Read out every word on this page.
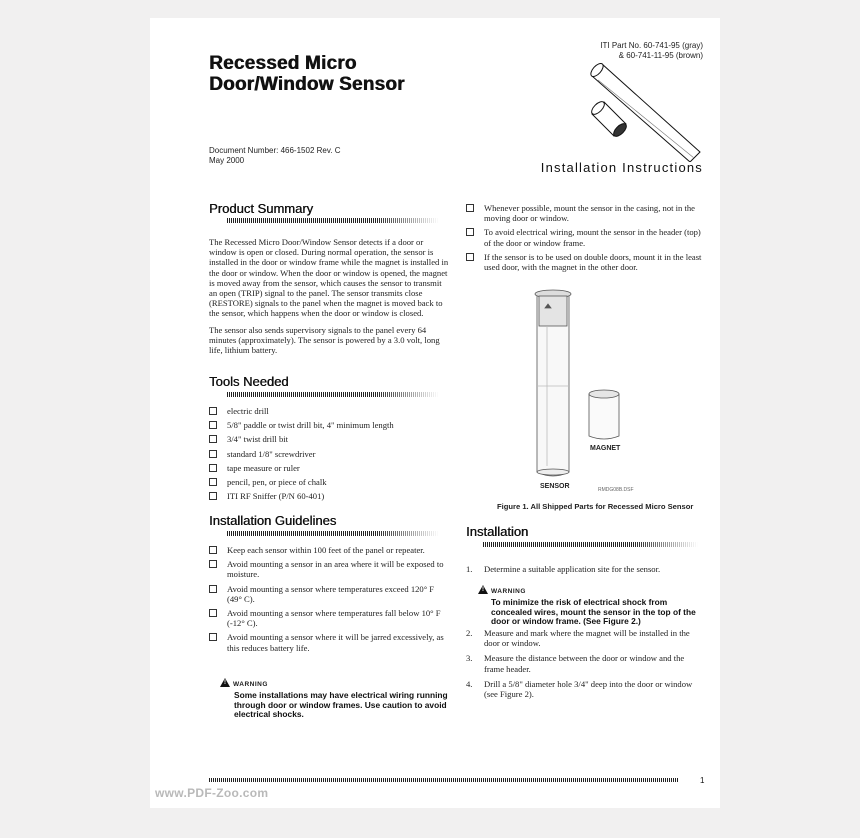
Recessed Micro
Door/Window Sensor
Document Number: 466-1502 Rev. C
May 2000
ITI Part No. 60-741-95 (gray)
& 60-741-11-95 (brown)
Installation Instructions
Product Summary

The Recessed Micro Door/Window Sensor detects if a door or window is open or closed. During normal operation, the sensor is installed in the door or window frame while the magnet is installed in the door or window. When the door or window is opened, the magnet is moved away from the sensor, which causes the sensor to transmit an open (TRIP) signal to the panel. The sensor transmits close (RESTORE) signals to the panel when the magnet is moved back to the sensor, which happens when the door or window is closed.

The sensor also sends supervisory signals to the panel every 64 minutes (approximately). The sensor is powered by a 3.0 volt, long life, lithium battery.

Tools Needed
electric drill
5/8" paddle or twist drill bit, 4" minimum length
3/4" twist drill bit
standard 1/8" screwdriver
tape measure or ruler
pencil, pen, or piece of chalk
ITI RF Sniffer (P/N 60-401)
Installation Guidelines
Keep each sensor within 100 feet of the panel or repeater.
Avoid mounting a sensor in an area where it will be exposed to moisture.
Avoid mounting a sensor where temperatures exceed 120° F (49° C).
Avoid mounting a sensor where temperatures fall below 10° F (-12° C).
Avoid mounting a sensor where it will be jarred excessively, as this reduces battery life.
! WARNING
Some installations may have electrical wiring running through door or window frames. Use caution to avoid electrical shocks.
Whenever possible, mount the sensor in the casing, not in the moving door or window.
To avoid electrical wiring, mount the sensor in the header (top) of the door or window frame.
If the sensor is to be used on double doors, mount it in the least used door, with the magnet in the other door.
MAGNET
SENSOR	RMDG08B.DSF
Figure 1. All Shipped Parts for Recessed Micro Sensor
Installation
1. Determine a suitable application site for the sensor.
! WARNING
To minimize the risk of electrical shock from concealed wires, mount the sensor in the top of the door or window frame. (See Figure 2.)
2. Measure and mark where the magnet will be installed in the door or window.
3. Measure the distance between the door or window and the frame header.
4. Drill a 5/8" diameter hole 3/4" deep into the door or window (see Figure 2).
1
www.PDF-Zoo.com
